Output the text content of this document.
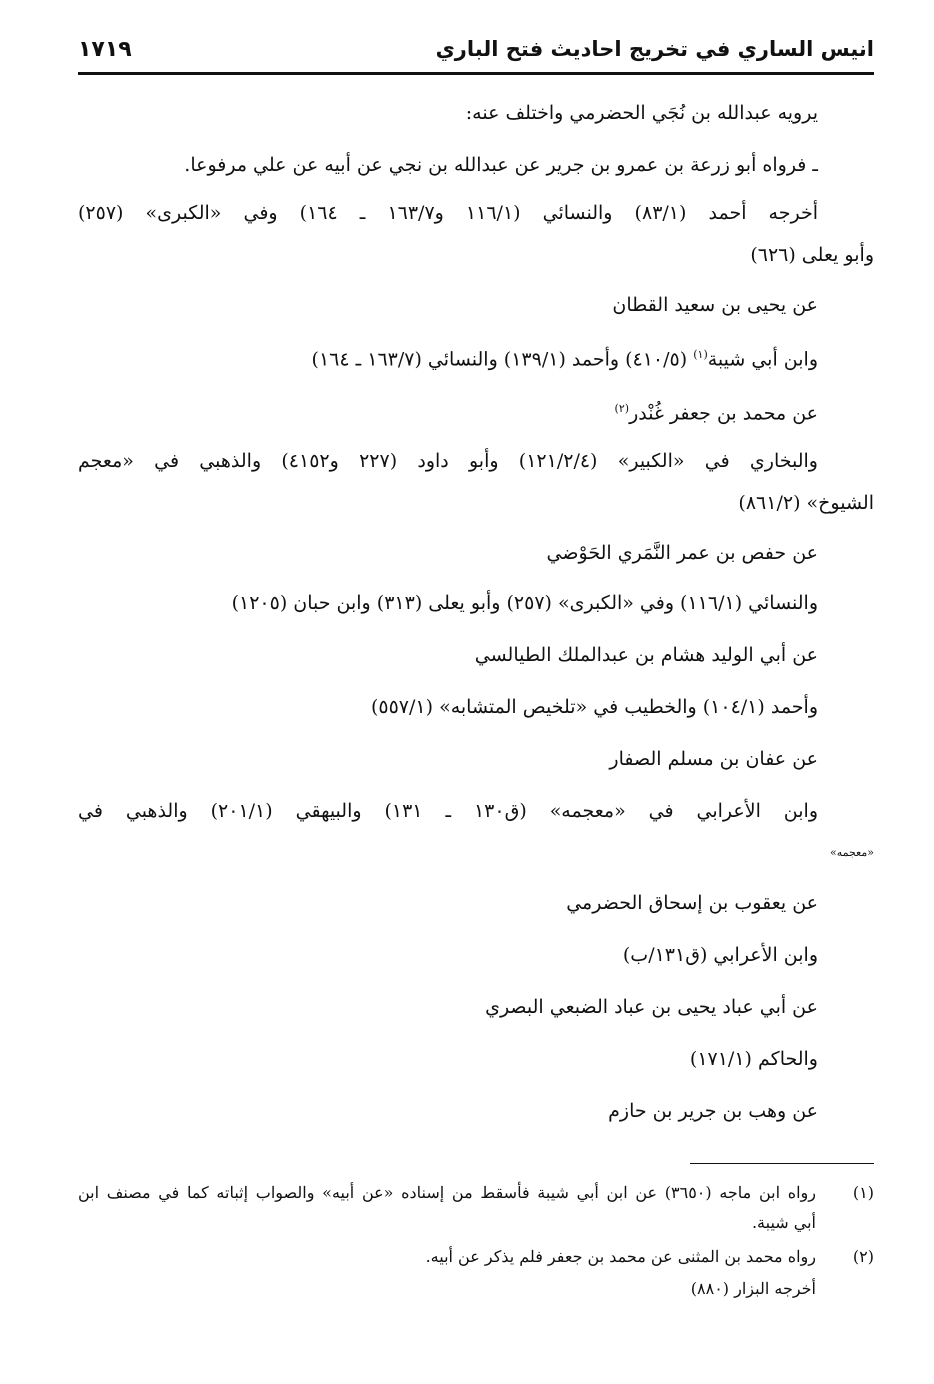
انيس الساري في تخريج احاديث فتح الباري
١٧١٩
يرويه عبدالله بن نُجَي الحضرمي واختلف عنه:
ـ فرواه أبو زرعة بن عمرو بن جرير عن عبدالله بن نجي عن أبيه عن علي مرفوعا.
أخرجه أحمد (٨٣/١) والنسائي (١١٦/١ و١٦٣/٧ ـ ١٦٤) وفي «الكبرى» (٢٥٧)
وأبو يعلى (٦٢٦)
عن يحيى بن سعيد القطان
وابن أبي شيبة$^{(١)}$ (٤١٠/٥) وأحمد (١٣٩/١) والنسائي (١٦٣/٧ ـ ١٦٤)
عن محمد بن جعفر غُنْدر$^{(٢)}$
والبخاري في «الكبير» (١٢١/٢/٤) وأبو داود (٢٢٧ و٤١٥٢) والذهبي في «معجم
الشيوخ» (٨٦١/٢)
عن حفص بن عمر النَّمَري الحَوْضي
والنسائي (١١٦/١) وفي «الكبرى» (٢٥٧) وأبو يعلى (٣١٣) وابن حبان (١٢٠٥)
عن أبي الوليد هشام بن عبدالملك الطيالسي
وأحمد (١٠٤/١) والخطيب في «تلخيص المتشابه» (٥٥٧/١)
عن عفان بن مسلم الصفار
وابن الأعرابي في «معجمه» (ق١٣٠ ـ ١٣١) والبيهقي (٢٠١/١) والذهبي في
«معجمه»
عن يعقوب بن إسحاق الحضرمي
وابن الأعرابي (ق١٣١/ب)
عن أبي عباد يحيى بن عباد الضبعي البصري
والحاكم (١٧١/١)
عن وهب بن جرير بن حازم
(١)
رواه ابن ماجه (٣٦٥٠) عن ابن أبي شيبة فأسقط من إسناده «عن أبيه» والصواب إثباته كما في مصنف ابن
أبي شيبة.
(٢)
رواه محمد بن المثنى عن محمد بن جعفر فلم يذكر عن أبيه.
أخرجه البزار (٨٨٠)
